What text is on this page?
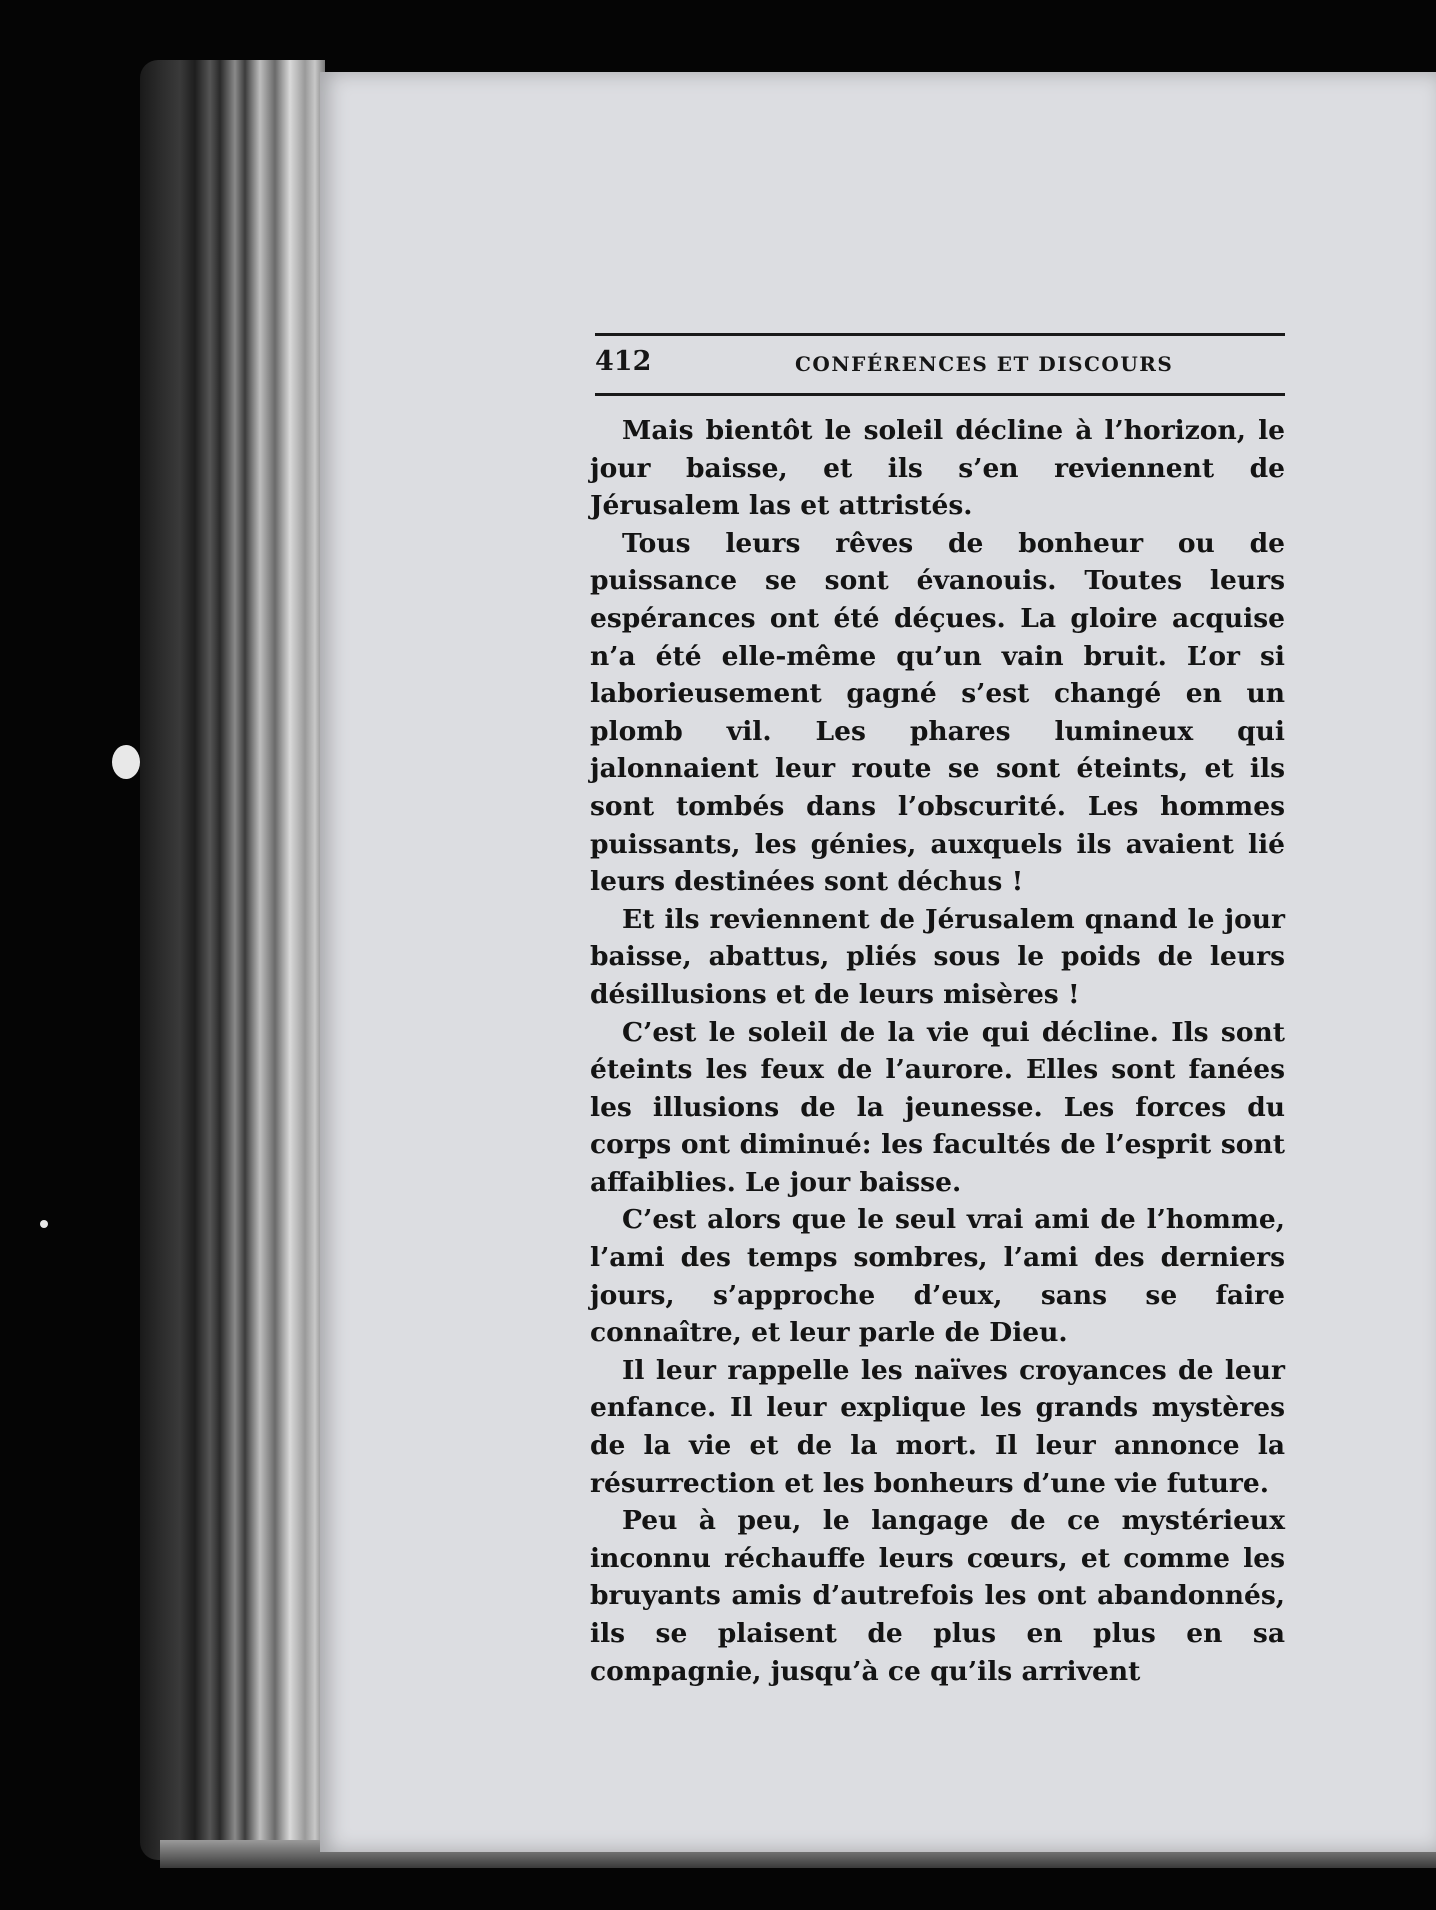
412	CONFÉRENCES ET DISCOURS

Mais bientôt le soleil décline à l’horizon, le jour baisse, et ils s’en reviennent de Jérusalem las et attristés.

Tous leurs rêves de bonheur ou de puissance se sont évanouis. Toutes leurs espérances ont été déçues. La gloire acquise n’a été elle-même qu’un vain bruit. L’or si laborieusement gagné s’est changé en un plomb vil. Les phares lumineux qui jalonnaient leur route se sont éteints, et ils sont tombés dans l’obscurité. Les hommes puissants, les génies, auxquels ils avaient lié leurs destinées sont déchus !

Et ils reviennent de Jérusalem qnand le jour baisse, abattus, pliés sous le poids de leurs désillusions et de leurs misères !

C’est le soleil de la vie qui décline. Ils sont éteints les feux de l’aurore. Elles sont fanées les illusions de la jeunesse. Les forces du corps ont diminué: les facultés de l’esprit sont affaiblies. Le jour baisse.

C’est alors que le seul vrai ami de l’homme, l’ami des temps sombres, l’ami des derniers jours, s’approche d’eux, sans se faire connaître, et leur parle de Dieu.

Il leur rappelle les naïves croyances de leur enfance. Il leur explique les grands mystères de la vie et de la mort. Il leur annonce la résurrection et les bonheurs d’une vie future.

Peu à peu, le langage de ce mystérieux inconnu réchauffe leurs cœurs, et comme les bruyants amis d’autrefois les ont abandonnés, ils se plaisent de plus en plus en sa compagnie, jusqu’à ce qu’ils arrivent
